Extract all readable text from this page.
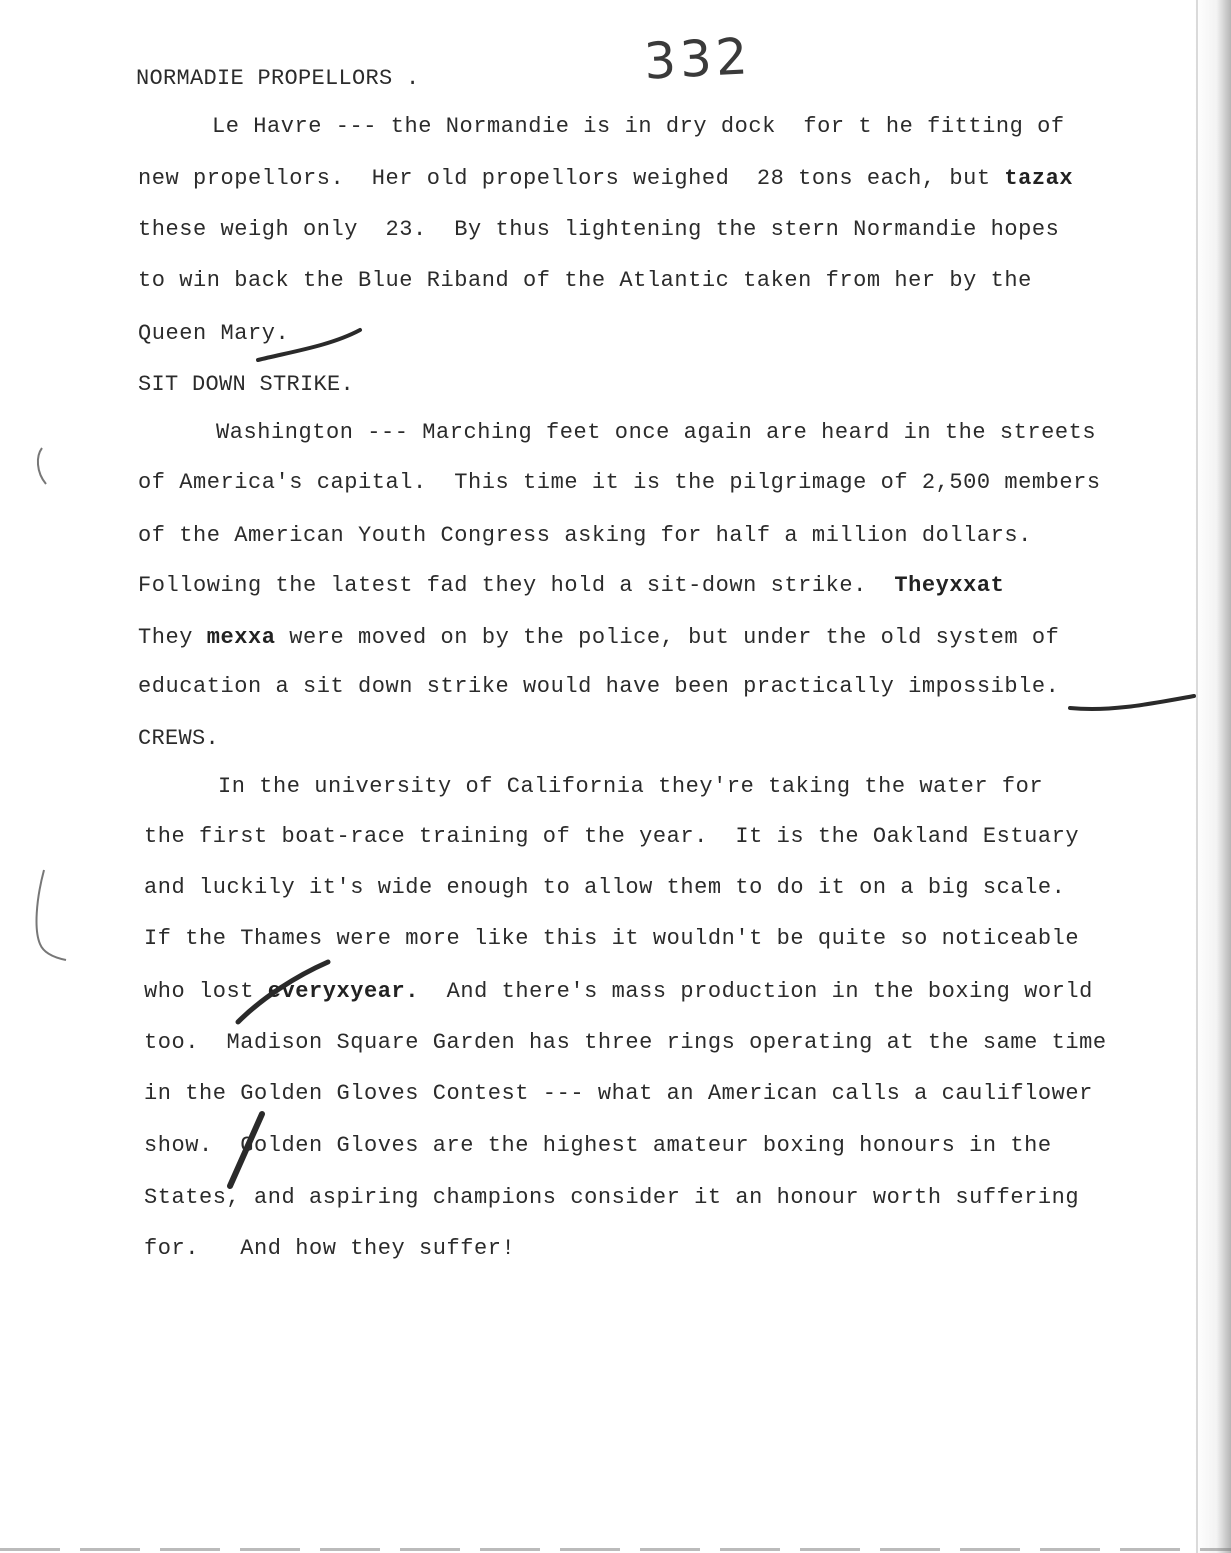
332
NORMADIE PROPELLORS .
Le Havre --- the Normandie is in dry dock  for t he fitting of
new propellors.  Her old propellors weighed  28 tons each, but tazax
these weigh only  23.  By thus lightening the stern Normandie hopes
to win back the Blue Riband of the Atlantic taken from her by the
Queen Mary.
SIT DOWN STRIKE.
Washington --- Marching feet once again are heard in the streets
of America's capital.  This time it is the pilgrimage of 2,500 members
of the American Youth Congress asking for half a million dollars.
Following the latest fad they hold a sit-down strike.  Theyxxat
They mexxa were moved on by the police, but under the old system of
education a sit down strike would have been practically impossible.
CREWS.
In the university of California they're taking the water for
the first boat-race training of the year.  It is the Oakland Estuary
and luckily it's wide enough to allow them to do it on a big scale.
If the Thames were more like this it wouldn't be quite so noticeable
who lost everyxyear.  And there's mass production in the boxing world
too.  Madison Square Garden has three rings operating at the same time
in the Golden Gloves Contest --- what an American calls a cauliflower
show.  Golden Gloves are the highest amateur boxing honours in the
States, and aspiring champions consider it an honour worth suffering
for.   And how they suffer!
